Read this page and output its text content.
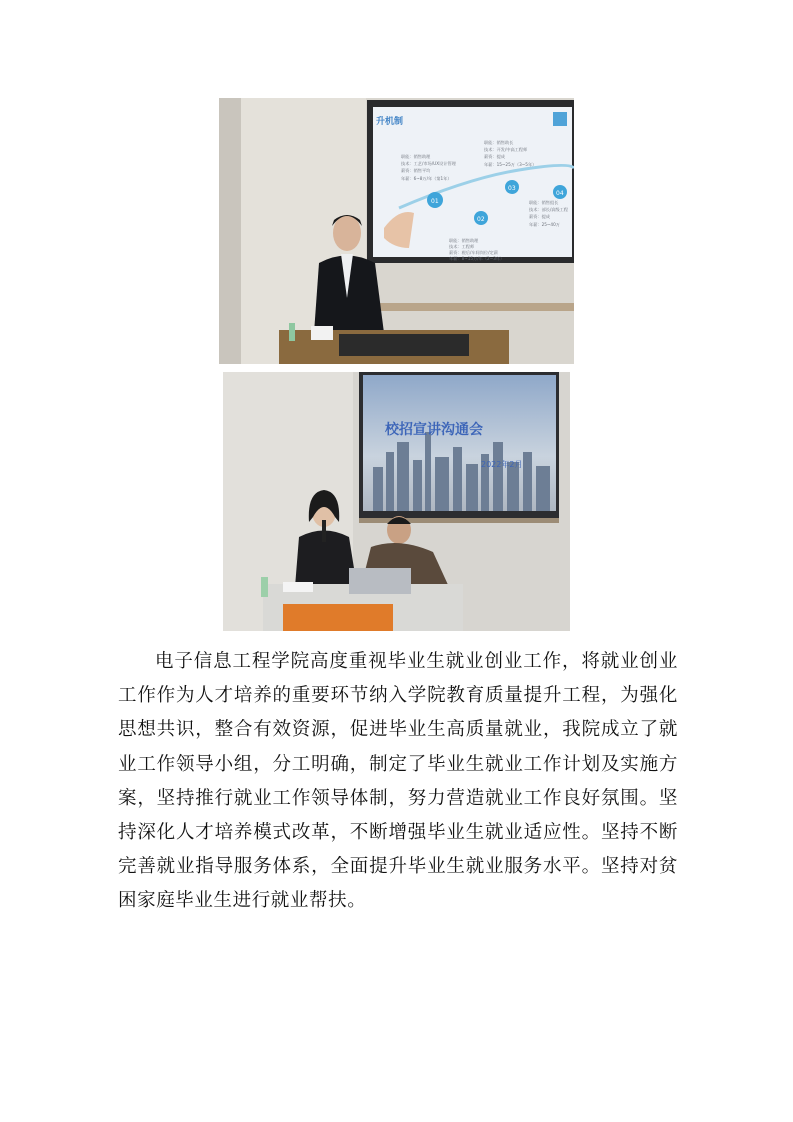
01
02
03
04
升机制
职能：销售助理
技术：工艺/市场/UX设计管理
薪资：销售平均
年薪：6~8万/年（第1年）
职能：销售助理
技术：工程师
薪资：税后/车间岗位/定薪
年薪：8~15万/年（2~3年）
职能：销售助长
技术：开发/中高工程师
薪资：提成
年薪：15~25万（3~5年）
职能：销售组长
技术：部长/高级工程
薪资：提成
年薪：25~40万
校招宣讲沟通会
2022年2月

电子信息工程学院高度重视毕业生就业创业工作，将就业创业工作作为人才培养的重要环节纳入学院教育质量提升工程，为强化思想共识，整合有效资源，促进毕业生高质量就业，我院成立了就业工作领导小组，分工明确，制定了毕业生就业工作计划及实施方案，坚持推行就业工作领导体制，努力营造就业工作良好氛围。坚持深化人才培养模式改革，不断增强毕业生就业适应性。坚持不断完善就业指导服务体系，全面提升毕业生就业服务水平。坚持对贫困家庭毕业生进行就业帮扶。
